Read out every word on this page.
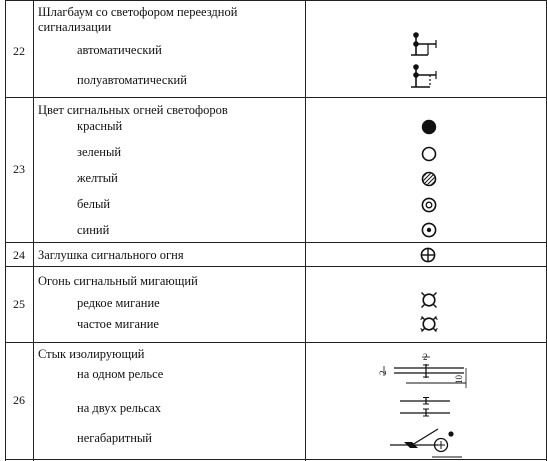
22
Шлагбаум со светофором переездной
сигнализации
автоматический
полуавтоматический
23
Цвет сигнальных огней светофоров
красный
зеленый
желтый
белый
синий
24	Заглушка сигнального огня
25
Огонь сигнальный мигающий
редкое мигание
частое мигание
26
Стык изолирующий
на одном рельсе
на двух рельсах
негабаритный
2
2
10
